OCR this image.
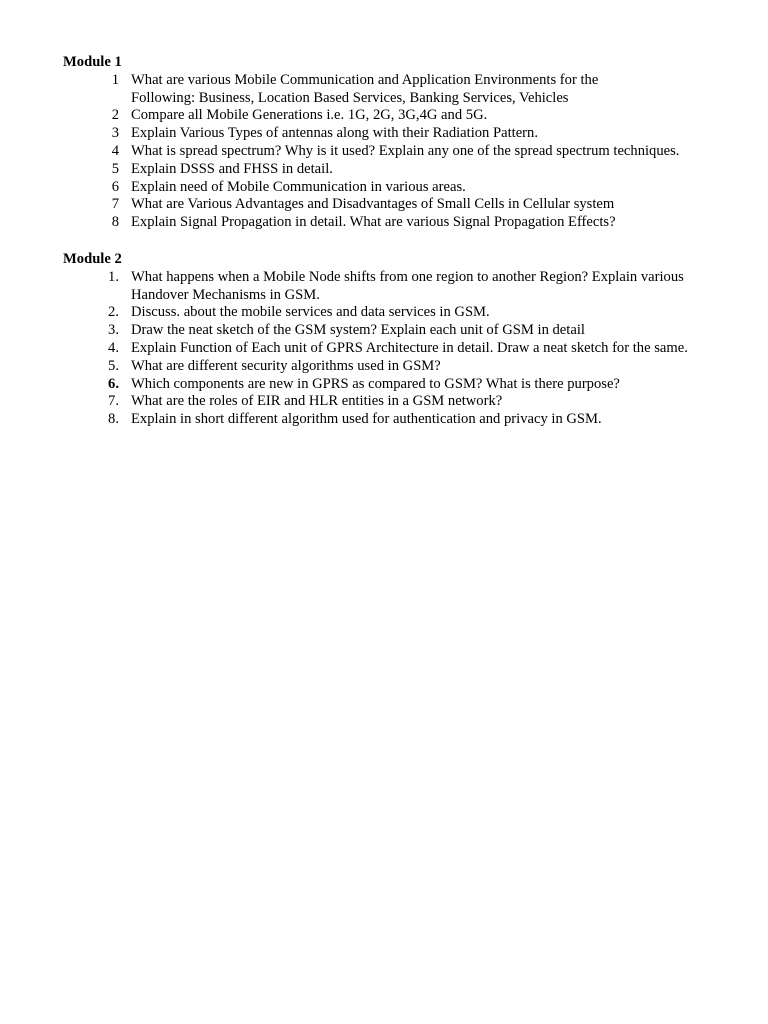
Module 1
1 What are various Mobile Communication and Application Environments for the
Following: Business, Location Based Services, Banking Services, Vehicles
2 Compare all Mobile Generations i.e. 1G, 2G, 3G,4G and 5G.
3 Explain Various Types of antennas along with their Radiation Pattern.
4 What is spread spectrum? Why is it used? Explain any one of the spread spectrum techniques.
5 Explain DSSS and FHSS in detail.
6 Explain need of Mobile Communication in various areas.
7 What are Various Advantages and Disadvantages of Small Cells in Cellular system
8 Explain Signal Propagation in detail. What are various Signal Propagation Effects?
Module 2
1. What happens when a Mobile Node shifts from one region to another Region? Explain various
Handover Mechanisms in GSM.
2. Discuss. about the mobile services and data services in GSM.
3. Draw the neat sketch of the GSM system? Explain each unit of GSM in detail
4. Explain Function of Each unit of GPRS Architecture in detail. Draw a neat sketch for the same.
5. What are different security algorithms used in GSM?
6. Which components are new in GPRS as compared to GSM? What is there purpose?
7. What are the roles of EIR and HLR entities in a GSM network?
8. Explain in short different algorithm used for authentication and privacy in GSM.
